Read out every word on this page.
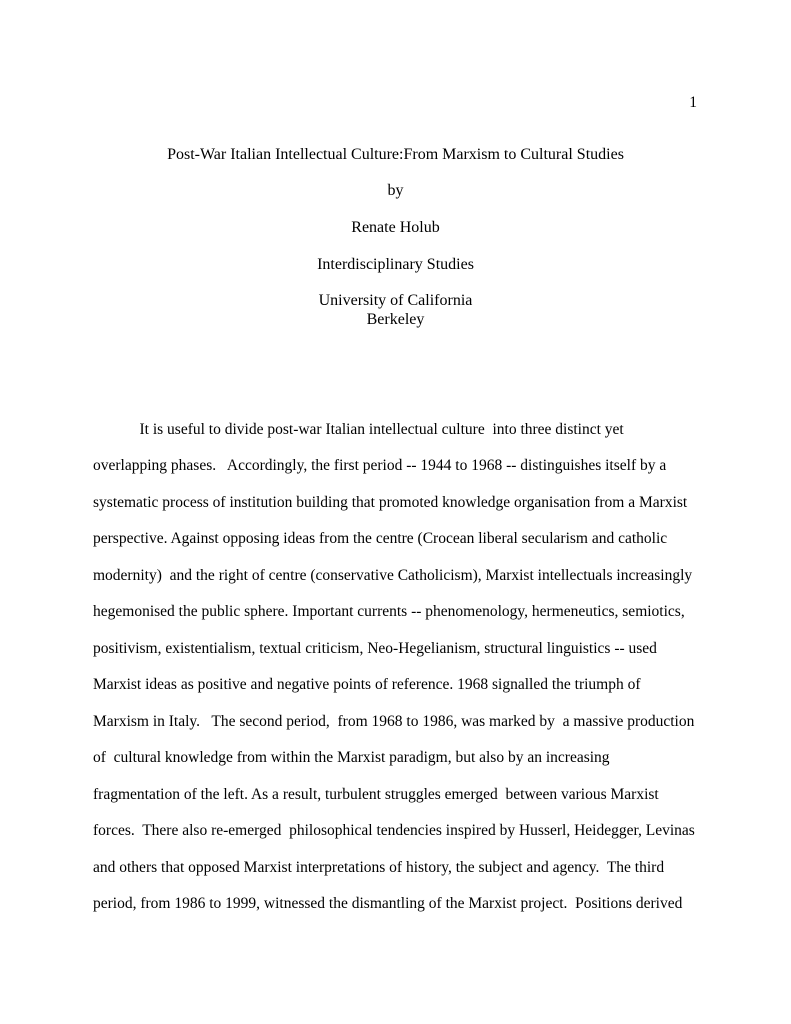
1
Post-War Italian Intellectual Culture:From Marxism to Cultural Studies
by
Renate Holub
Interdisciplinary Studies
University of California
Berkeley
It is useful to divide post-war Italian intellectual culture  into three distinct yet
overlapping phases.   Accordingly, the first period -- 1944 to 1968 -- distinguishes itself by a
systematic process of institution building that promoted knowledge organisation from a Marxist
perspective. Against opposing ideas from the centre (Crocean liberal secularism and catholic
modernity)  and the right of centre (conservative Catholicism), Marxist intellectuals increasingly
hegemonised the public sphere. Important currents -- phenomenology, hermeneutics, semiotics,
positivism, existentialism, textual criticism, Neo-Hegelianism, structural linguistics -- used
Marxist ideas as positive and negative points of reference. 1968 signalled the triumph of
Marxism in Italy.   The second period,  from 1968 to 1986, was marked by  a massive production
of  cultural knowledge from within the Marxist paradigm, but also by an increasing
fragmentation of the left. As a result, turbulent struggles emerged  between various Marxist
forces.  There also re-emerged  philosophical tendencies inspired by Husserl, Heidegger, Levinas
and others that opposed Marxist interpretations of history, the subject and agency.  The third
period, from 1986 to 1999, witnessed the dismantling of the Marxist project.  Positions derived
